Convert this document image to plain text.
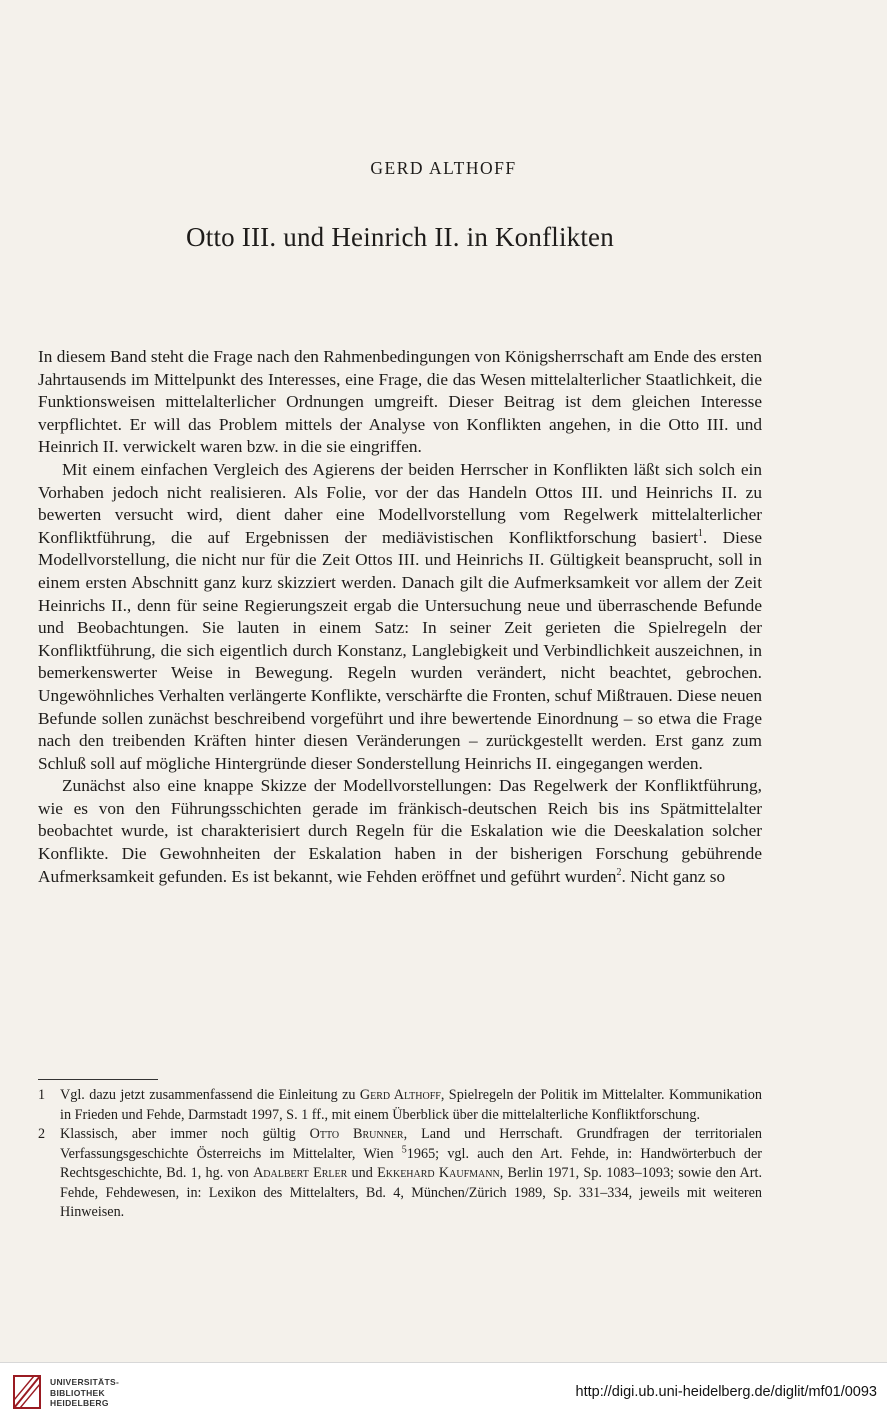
GERD ALTHOFF
Otto III. und Heinrich II. in Konflikten

In diesem Band steht die Frage nach den Rahmenbedingungen von Königsherrschaft am Ende des ersten Jahrtausends im Mittelpunkt des Interesses, eine Frage, die das Wesen mittelalterlicher Staatlichkeit, die Funktionsweisen mittelalterlicher Ordnungen umgreift. Dieser Beitrag ist dem gleichen Interesse verpflichtet. Er will das Problem mittels der Analyse von Konflikten angehen, in die Otto III. und Heinrich II. verwickelt waren bzw. in die sie eingriffen.

Mit einem einfachen Vergleich des Agierens der beiden Herrscher in Konflikten läßt sich solch ein Vorhaben jedoch nicht realisieren. Als Folie, vor der das Handeln Ottos III. und Heinrichs II. zu bewerten versucht wird, dient daher eine Modellvorstellung vom Regelwerk mittelalterlicher Konfliktführung, die auf Ergebnissen der mediävistischen Konfliktforschung basiert$^1$. Diese Modellvorstellung, die nicht nur für die Zeit Ottos III. und Heinrichs II. Gültigkeit beansprucht, soll in einem ersten Abschnitt ganz kurz skizziert werden. Danach gilt die Aufmerksamkeit vor allem der Zeit Heinrichs II., denn für seine Regierungszeit ergab die Untersuchung neue und überraschende Befunde und Beobachtungen. Sie lauten in einem Satz: In seiner Zeit gerieten die Spielregeln der Konfliktführung, die sich eigentlich durch Konstanz, Langlebigkeit und Verbindlichkeit auszeichnen, in bemerkenswerter Weise in Bewegung. Regeln wurden verändert, nicht beachtet, gebrochen. Ungewöhnliches Verhalten verlängerte Konflikte, verschärfte die Fronten, schuf Mißtrauen. Diese neuen Befunde sollen zunächst beschreibend vorgeführt und ihre bewertende Einordnung – so etwa die Frage nach den treibenden Kräften hinter diesen Veränderungen – zurückgestellt werden. Erst ganz zum Schluß soll auf mögliche Hintergründe dieser Sonderstellung Heinrichs II. eingegangen werden.

Zunächst also eine knappe Skizze der Modellvorstellungen: Das Regelwerk der Konfliktführung, wie es von den Führungsschichten gerade im fränkisch-deutschen Reich bis ins Spätmittelalter beobachtet wurde, ist charakterisiert durch Regeln für die Eskalation wie die Deeskalation solcher Konflikte. Die Gewohnheiten der Eskalation haben in der bisherigen Forschung gebührende Aufmerksamkeit gefunden. Es ist bekannt, wie Fehden eröffnet und geführt wurden$^2$. Nicht ganz so

1	Vgl. dazu jetzt zusammenfassend die Einleitung zu Gerd Althoff, Spielregeln der Politik im Mittelalter. Kommunikation in Frieden und Fehde, Darmstadt 1997, S. 1 ff., mit einem Überblick über die mittelalterliche Konfliktforschung.
2	Klassisch, aber immer noch gültig Otto Brunner, Land und Herrschaft. Grundfragen der territorialen Verfassungsgeschichte Österreichs im Mittelalter, Wien $^5$1965; vgl. auch den Art. Fehde, in: Handwörterbuch der Rechtsgeschichte, Bd. 1, hg. von Adalbert Erler und Ekkehard Kaufmann, Berlin 1971, Sp. 1083–1093; sowie den Art. Fehde, Fehdewesen, in: Lexikon des Mittelalters, Bd. 4, München/Zürich 1989, Sp. 331–334, jeweils mit weiteren Hinweisen.
UNIVERSITÄTS-
BIBLIOTHEK
HEIDELBERG
http://digi.ub.uni-heidelberg.de/diglit/mf01/0093
